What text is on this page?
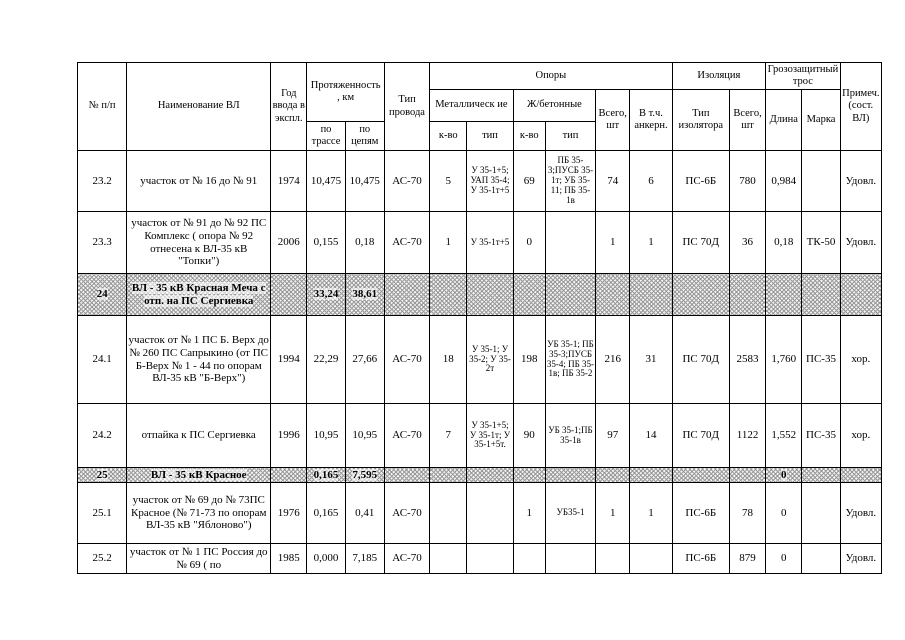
№ п/п	Наименование ВЛ	Год ввода в экспл.	Протяженность , км		Тип провода	Опоры						Изоляция		Грозозащитный трос		Примеч. (сост. ВЛ)
						Металлическ ие		Ж/бетонные		Всего, шт	В т.ч. анкерн.	Тип изолятора	Всего, шт	Длина	Марка	
			по трассе	по цепям		к-во	тип	к-во	тип							
23.2	участок от № 16 до № 91	1974	10,475	10,475	АС-70	5	У 35-1+5; УАП 35-4; У 35-1т+5	69	ПБ 35-3;ПУСБ 35-1т; УБ 35-11; ПБ 35-1в	74	6	ПС-6Б	780	0,984		Удовл.
23.3	участок от № 91 до № 92 ПС Комплекс ( опора № 92 отнесена к ВЛ-35 кВ "Топки")	2006	0,155	0,18	АС-70	1	У 35-1т+5	0		1	1	ПС 70Д	36	0,18	ТК-50	Удовл.
24	ВЛ - 35 кВ Красная Меча с отп. на ПС Сергиевка		33,24	38,61												
24.1	участок от № 1 ПС Б. Верх до № 260 ПС Сапрыкино (от ПС Б-Верх № 1 - 44 по опорам ВЛ-35 кВ "Б-Верх")	1994	22,29	27,66	АС-70	18	У 35-1; У 35-2; У 35-2т	198	УБ 35-1; ПБ 35-3;ПУСБ 35-4; ПБ 35-1в; ПБ 35-2	216	31	ПС 70Д	2583	1,760	ПС-35	хор.
24.2	отпайка к ПС Сергиевка	1996	10,95	10,95	АС-70	7	У 35-1+5; У 35-1т; У 35-1+5т.	90	УБ 35-1;ПБ 35-1в	97	14	ПС 70Д	1122	1,552	ПС-35	хор.
25	ВЛ - 35 кВ Красное		0,165	7,595										0		
25.1	участок от № 69 до № 73ПС Красное (№ 71-73 по опорам ВЛ-35 кВ "Яблоново")	1976	0,165	0,41	АС-70			1	УБ35-1	1	1	ПС-6Б	78	0		Удовл.
25.2	участок от № 1 ПС Россия до № 69 ( по	1985	0,000	7,185	АС-70							ПС-6Б	879	0		Удовл.
